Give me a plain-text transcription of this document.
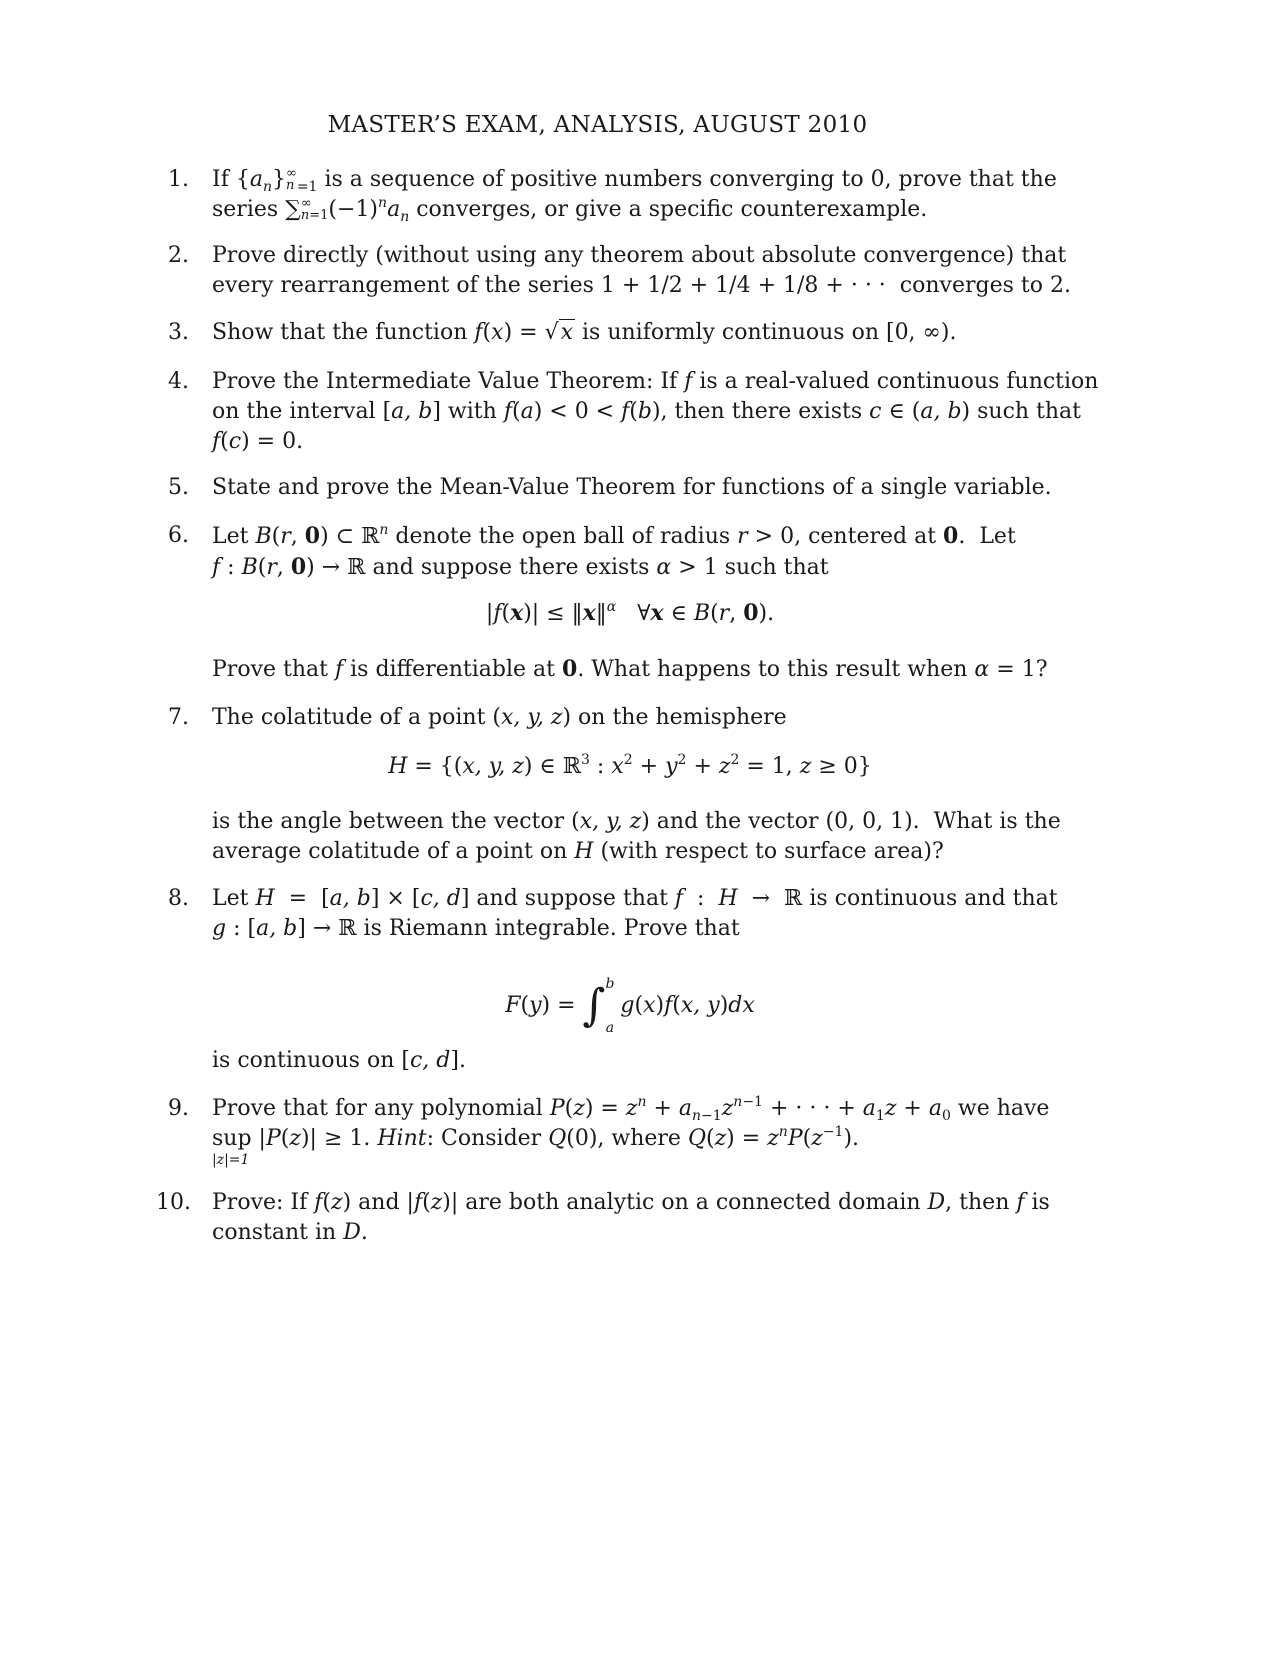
MASTER’S EXAM, ANALYSIS, AUGUST 2010
1. If $\{a_n\}$ ∞
n $_{=1}$ is a sequence of positive numbers converging to 0, prove that the
series ∑ ∞
n=1 $(-1)^na_n$ converges, or give a specific counterexample.
2. Prove directly (without using any theorem about absolute convergence) that
every rearrangement of the series 1 + 1/2 + 1/4 + 1/8 + · · ·  converges to 2.
3. Show that the function f(x) = √x is uniformly continuous on [0, ∞).
4. Prove the Intermediate Value Theorem: If f is a real-valued continuous function
on the interval [a, b] with f(a) < 0 < f(b), then there exists c ∈ (a, b) such that
f(c) = 0.
5. State and prove the Mean-Value Theorem for functions of a single variable.
6. Let B(r, 0) ⊂ ℝ$^n$ denote the open ball of radius r > 0, centered at 0.  Let
f : B(r, 0) → ℝ and suppose there exists α > 1 such that
|f(x)| ≤ ‖x‖$^\alpha$   ∀x ∈ B(r, 0).
Prove that f is differentiable at 0. What happens to this result when α = 1?
7. The colatitude of a point (x, y, z) on the hemisphere
H = {(x, y, z) ∈ ℝ$^3$ : $x^2 + y^2 + z^2 = 1$, z ≥ 0}
is the angle between the vector (x, y, z) and the vector (0, 0, 1).  What is the
average colatitude of a point on H (with respect to surface area)?
8. Let H  =  [a, b] × [c, d] and suppose that f  :  H  →  ℝ is continuous and that
g : [a, b] → ℝ is Riemann integrable. Prove that
F(y) = ∫ b
a
g(x)f(x, y)dx
is continuous on [c, d].
9. Prove that for any polynomial $P(z) = z^n + a_{n-1}z^{n-1}$ + · · · + $a_1z + a_0$ we have
sup |P(z)| ≥ 1. Hint: Consider Q(0), where $Q(z) = z^nP(z^{-1})$.
|z|=1
10. Prove: If f(z) and |f(z)| are both analytic on a connected domain D, then f is
constant in D.
